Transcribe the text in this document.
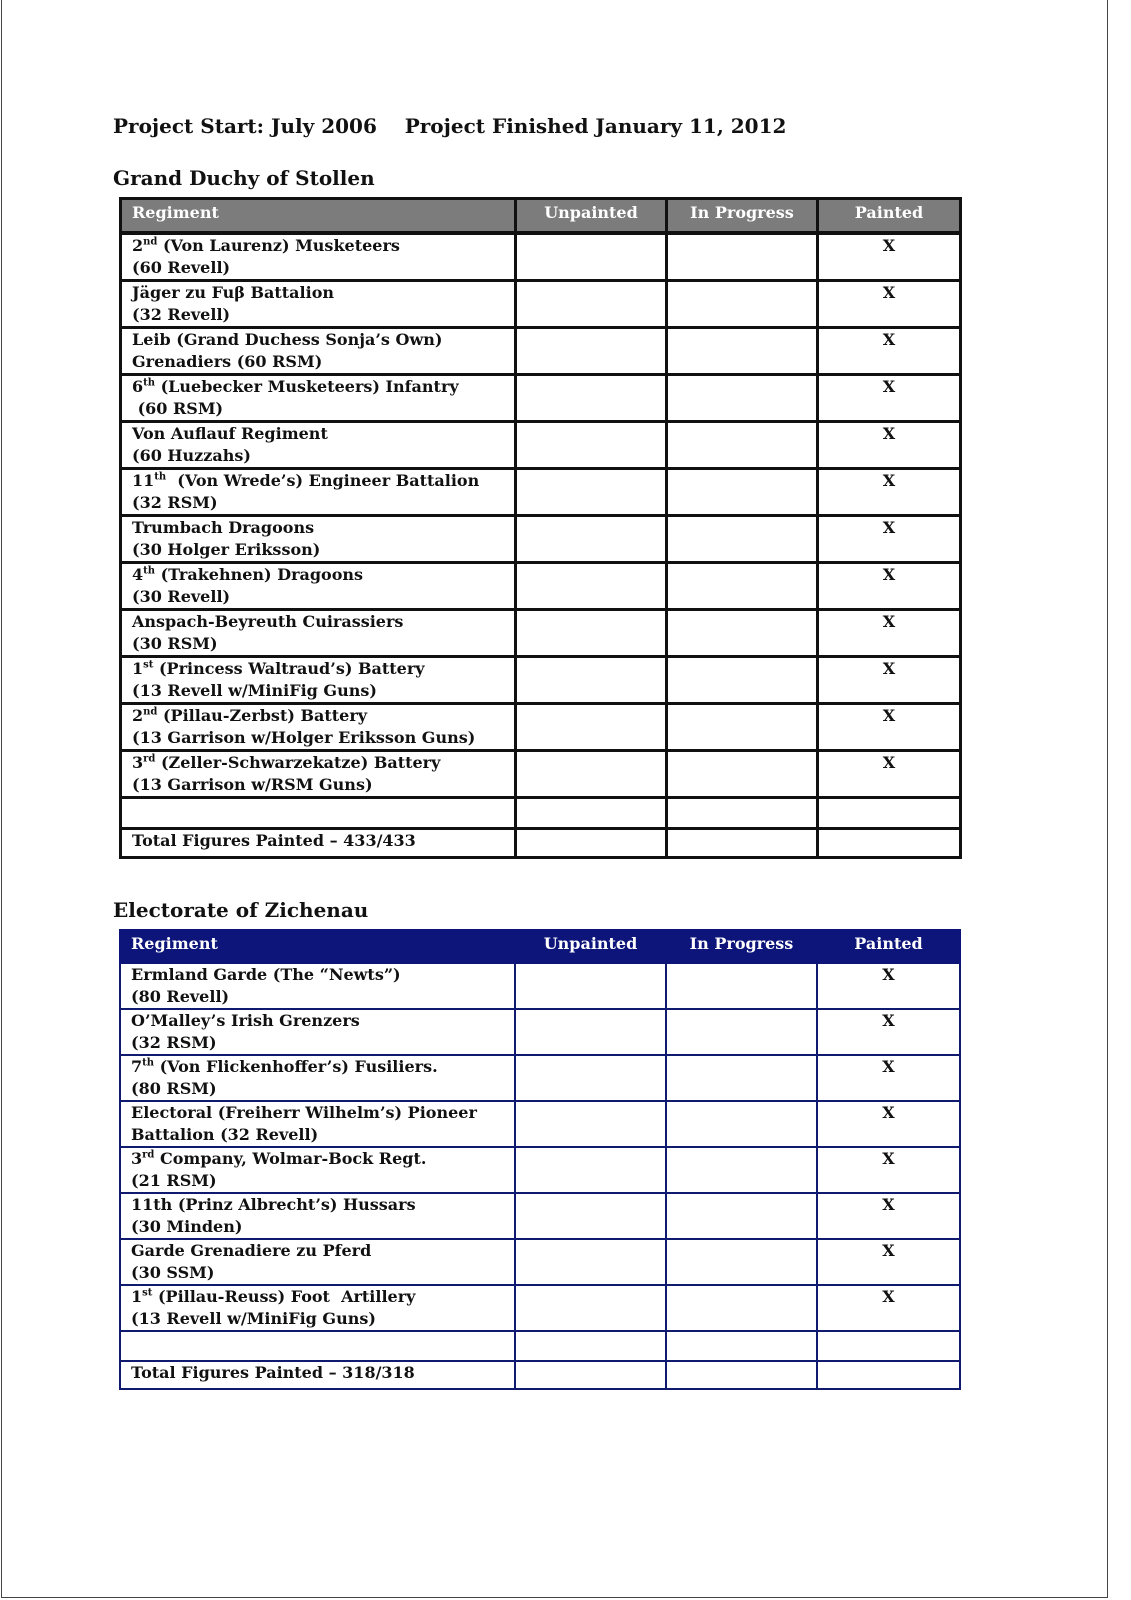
Project Start: July 2006 Project Finished January 11, 2012
Grand Duchy of Stollen
Regiment	Unpainted	In Progress	Painted

2nd (Von Laurenz) Musketeers
(60 Revell)			X

Jäger zu Fuβ Battalion
(32 Revell)			X

Leib (Grand Duchess Sonja’s Own)
Grenadiers (60 RSM)			X

6th (Luebecker Musketeers) Infantry
(60 RSM)			X

Von Auflauf Regiment
(60 Huzzahs)			X

11th  (Von Wrede’s) Engineer Battalion
(32 RSM)			X

Trumbach Dragoons
(30 Holger Eriksson)			X

4th (Trakehnen) Dragoons
(30 Revell)			X

Anspach-Beyreuth Cuirassiers
(30 RSM)			X

1st (Princess Waltraud’s) Battery
(13 Revell w/MiniFig Guns)			X

2nd (Pillau-Zerbst) Battery
(13 Garrison w/Holger Eriksson Guns)			X

3rd (Zeller-Schwarzekatze) Battery
(13 Garrison w/RSM Guns)			X

Total Figures Painted – 433/433			
Electorate of Zichenau
Regiment	Unpainted	In Progress	Painted

Ermland Garde (The “Newts”)
(80 Revell)			X

O’Malley’s Irish Grenzers
(32 RSM)			X

7th (Von Flickenhoffer’s) Fusiliers.
(80 RSM)			X

Electoral (Freiherr Wilhelm’s) Pioneer
Battalion (32 Revell)			X

3rd Company, Wolmar-Bock Regt.
(21 RSM)			X

11th (Prinz Albrecht’s) Hussars
(30 Minden)			X

Garde Grenadiere zu Pferd
(30 SSM)			X

1st (Pillau-Reuss) Foot  Artillery
(13 Revell w/MiniFig Guns)			X

Total Figures Painted – 318/318			
